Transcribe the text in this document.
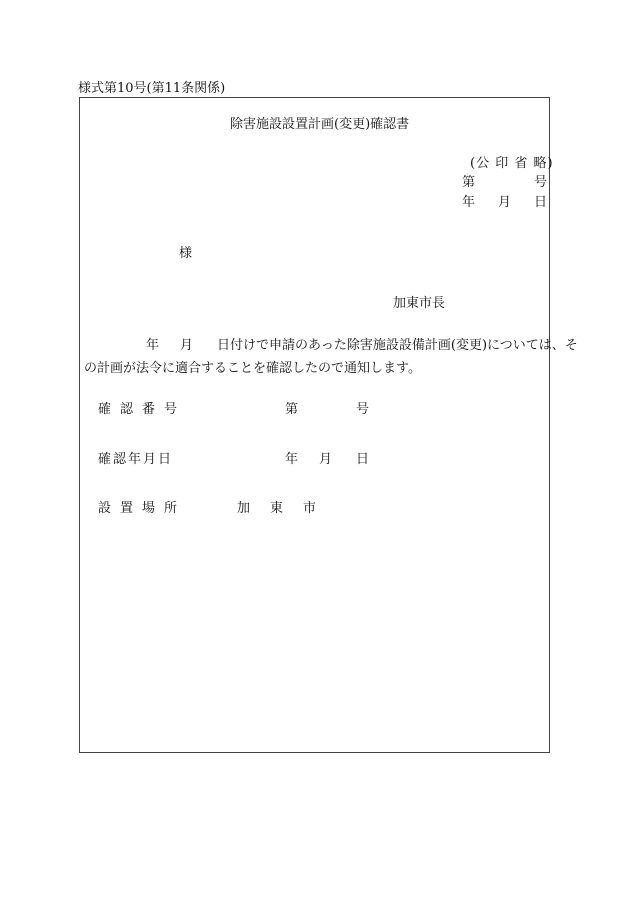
様式第10号(第11条関係)
除害施設設置計画(変更)確認書
(公 印 省 略)
第	号
年 月 日
様
加東市長
年 月 日付けで申請のあった除害施設設備計画(変更)については、そ
の計画が法令に適合することを確認したので通知します。
確認番号	第	号
確認年月日	年 月 日
設置場所	加東市
